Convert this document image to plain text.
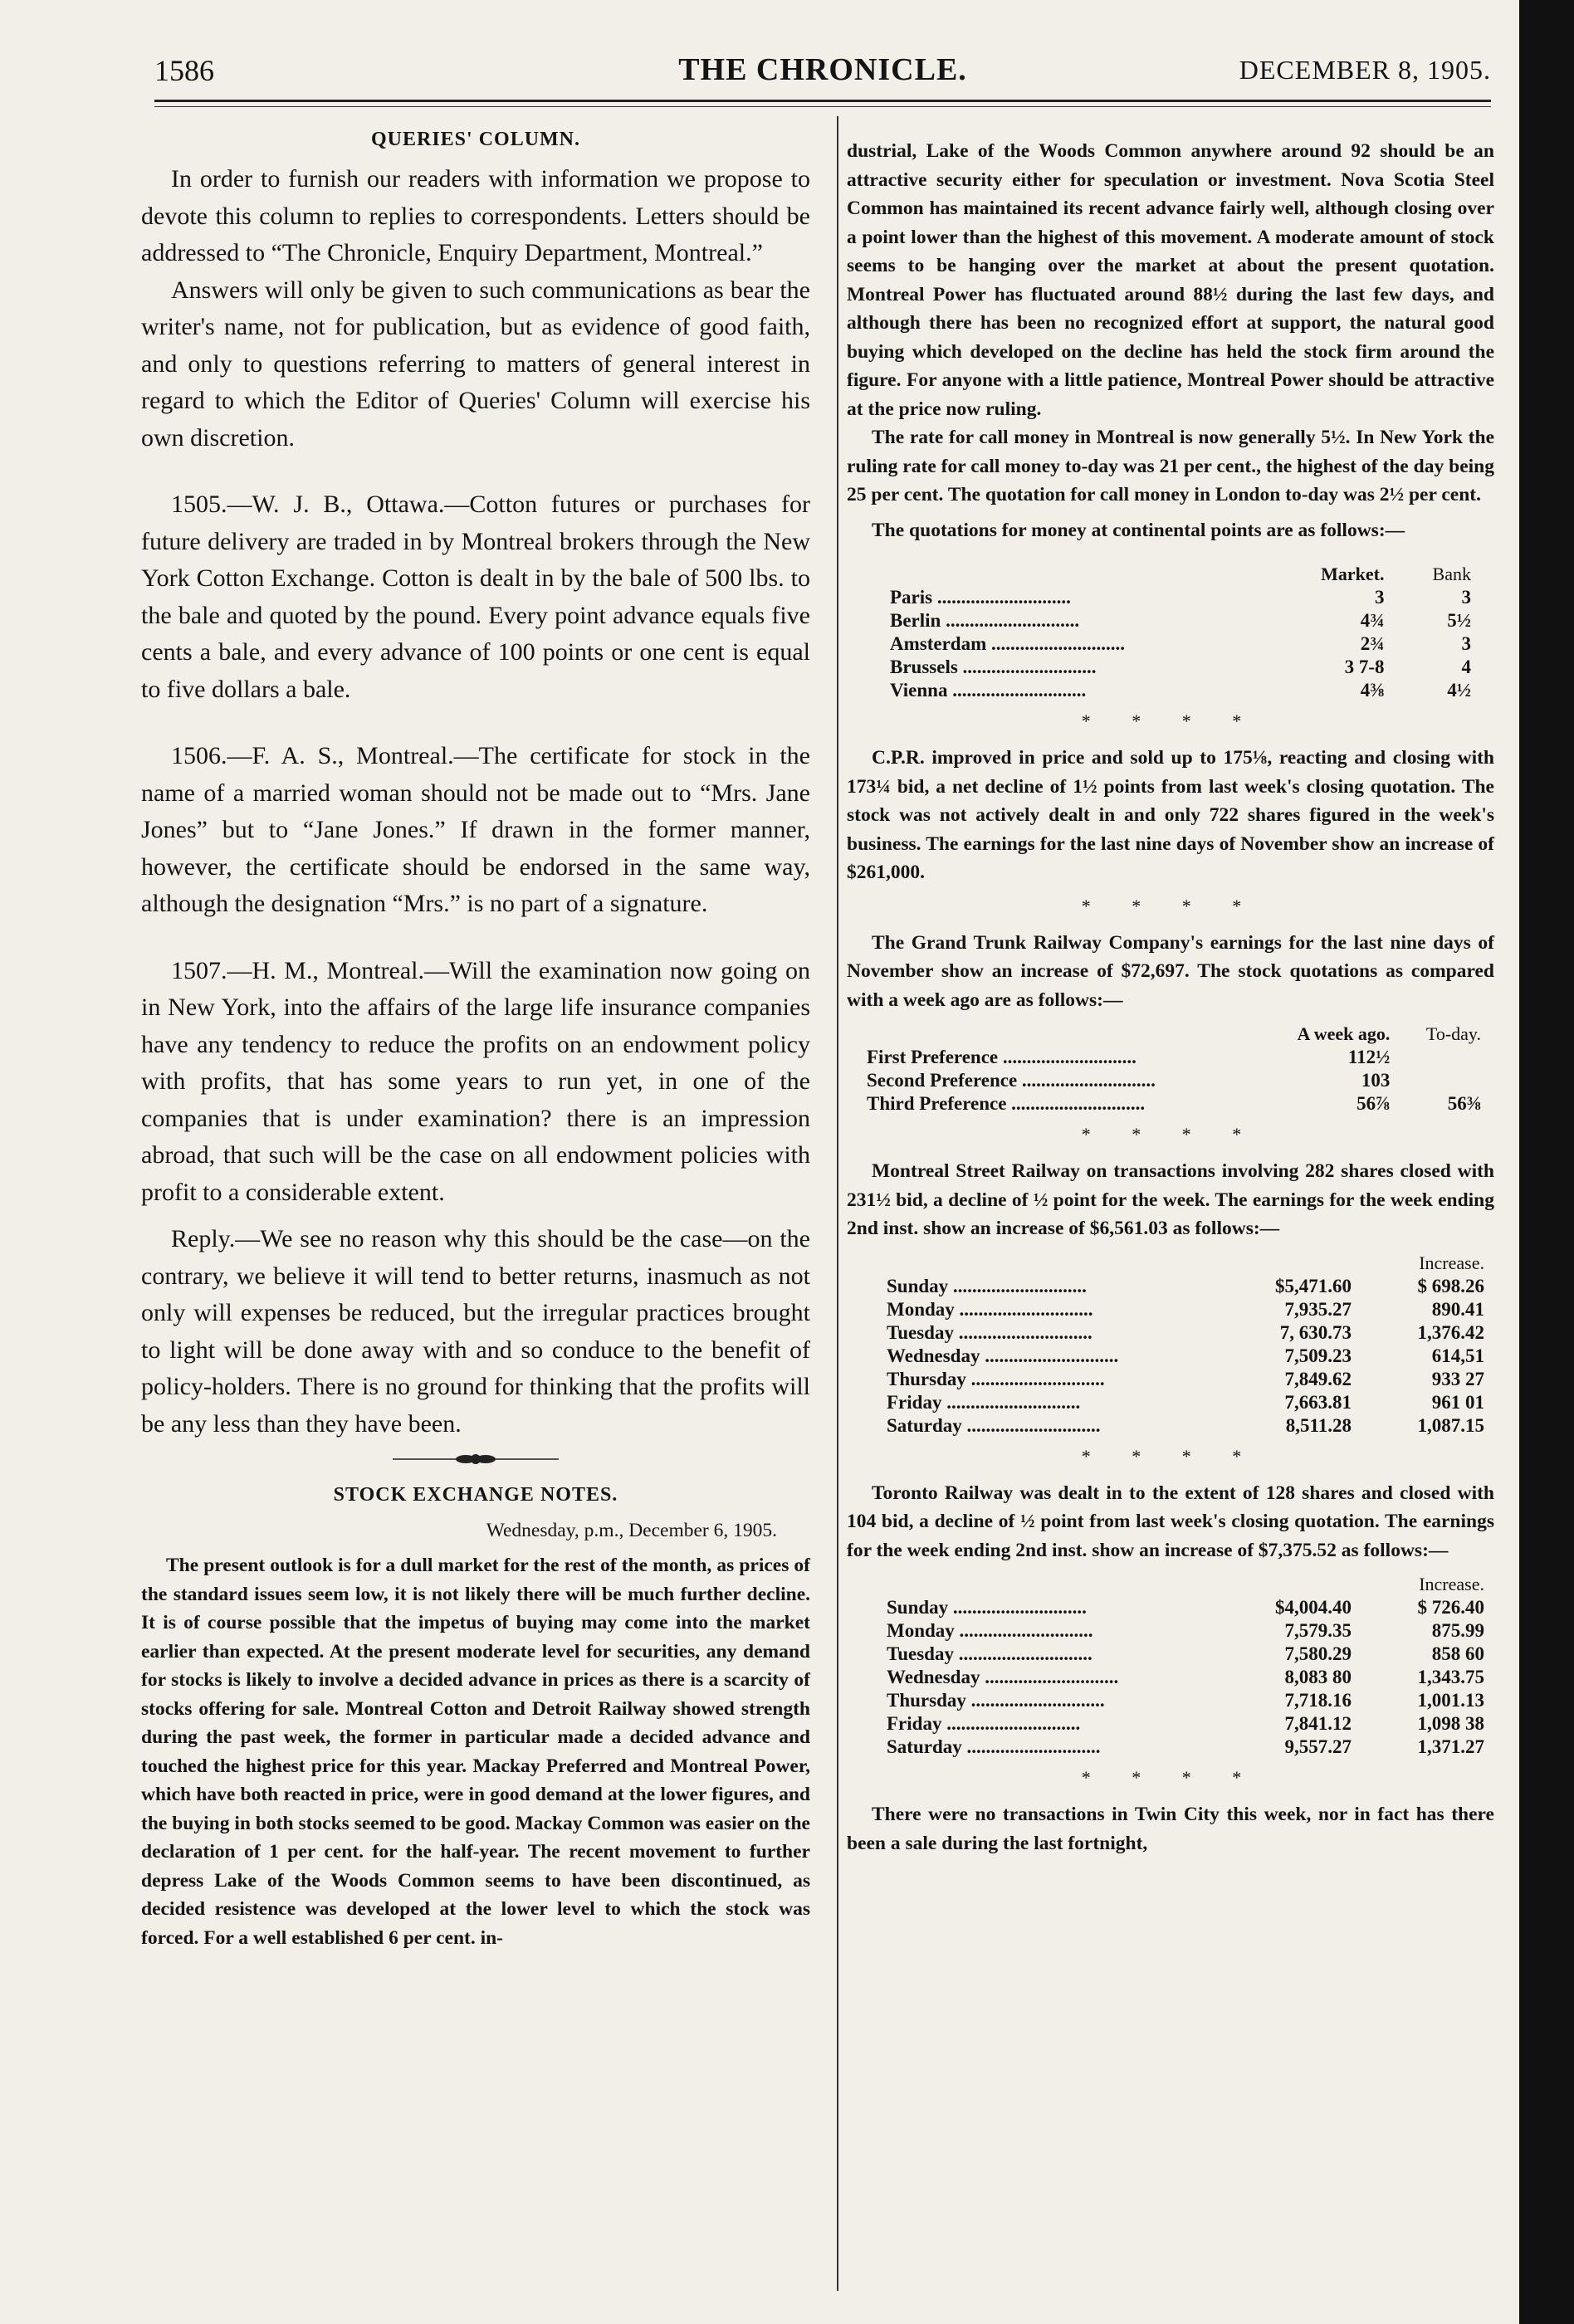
1586	THE CHRONICLE.	DECEMBER 8, 1905.
QUERIES' COLUMN.

In order to furnish our readers with information we propose to devote this column to replies to correspondents. Letters should be addressed to “The Chronicle, Enquiry Department, Montreal.”

Answers will only be given to such communications as bear the writer's name, not for publication, but as evidence of good faith, and only to questions referring to matters of general interest in regard to which the Editor of Queries' Column will exercise his own discretion.

1505.—W. J. B., Ottawa.—Cotton futures or purchases for future delivery are traded in by Montreal brokers through the New York Cotton Exchange. Cotton is dealt in by the bale of 500 lbs. to the bale and quoted by the pound. Every point advance equals five cents a bale, and every advance of 100 points or one cent is equal to five dollars a bale.

1506.—F. A. S., Montreal.—The certificate for stock in the name of a married woman should not be made out to “Mrs. Jane Jones” but to “Jane Jones.” If drawn in the former manner, however, the certificate should be endorsed in the same way, although the designation “Mrs.” is no part of a signature.

1507.—H. M., Montreal.—Will the examination now going on in New York, into the affairs of the large life insurance companies have any tendency to reduce the profits on an endowment policy with profits, that has some years to run yet, in one of the companies that is under examination? there is an impression abroad, that such will be the case on all endowment policies with profit to a considerable extent.

Reply.—We see no reason why this should be the case—on the contrary, we believe it will tend to better returns, inasmuch as not only will expenses be reduced, but the irregular practices brought to light will be done away with and so conduce to the benefit of policy-holders. There is no ground for thinking that the profits will be any less than they have been.

STOCK EXCHANGE NOTES.
Wednesday, p.m., December 6, 1905.

The present outlook is for a dull market for the rest of the month, as prices of the standard issues seem low, it is not likely there will be much further decline. It is of course possible that the impetus of buying may come into the market earlier than expected. At the present moderate level for securities, any demand for stocks is likely to involve a decided advance in prices as there is a scarcity of stocks offering for sale. Montreal Cotton and Detroit Railway showed strength during the past week, the former in particular made a decided advance and touched the highest price for this year. Mackay Preferred and Montreal Power, which have both reacted in price, were in good demand at the lower figures, and the buying in both stocks seemed to be good. Mackay Common was easier on the declaration of 1 per cent. for the half-year. The recent movement to further depress Lake of the Woods Common seems to have been discontinued, as decided resistence was developed at the lower level to which the stock was forced. For a well established 6 per cent. in-

dustrial, Lake of the Woods Common anywhere around 92 should be an attractive security either for speculation or investment. Nova Scotia Steel Common has maintained its recent advance fairly well, although closing over a point lower than the highest of this movement. A moderate amount of stock seems to be hanging over the market at about the present quotation. Montreal Power has fluctuated around 88½ during the last few days, and although there has been no recognized effort at support, the natural good buying which developed on the decline has held the stock firm around the figure. For anyone with a little patience, Montreal Power should be attractive at the price now ruling.

The rate for call money in Montreal is now generally 5½. In New York the ruling rate for call money to-day was 21 per cent., the highest of the day being 25 per cent. The quotation for call money in London to-day was 2½ per cent.

The quotations for money at continental points are as follows:—

	Market.	Bank
Paris ............................	3	3
Berlin ............................	4¾	5½
Amsterdam ............................	2¾	3
Brussels ............................	3 7-8	4
Vienna ............................	4⅜	4½
* * * *

C.P.R. improved in price and sold up to 175⅛, reacting and closing with 173¼ bid, a net decline of 1½ points from last week's closing quotation. The stock was not actively dealt in and only 722 shares figured in the week's business. The earnings for the last nine days of November show an increase of $261,000.

* * * *

The Grand Trunk Railway Company's earnings for the last nine days of November show an increase of $72,697. The stock quotations as compared with a week ago are as follows:—

	A week ago.	To-day.
First Preference ............................	112½	
Second Preference ............................	103	
Third Preference ............................	56⅞	56⅜
* * * *

Montreal Street Railway on transactions involving 282 shares closed with 231½ bid, a decline of ½ point for the week. The earnings for the week ending 2nd inst. show an increase of $6,561.03 as follows:—

		Increase.
Sunday ............................	$5,471.60	$ 698.26
Monday ............................	7,935.27	890.41
Tuesday ............................	7, 630.73	1,376.42
Wednesday ............................	7,509.23	614,51
Thursday ............................	7,849.62	933 27
Friday ............................	7,663.81	961 01
Saturday ............................	8,511.28	1,087.15
* * * *

Toronto Railway was dealt in to the extent of 128 shares and closed with 104 bid, a decline of ½ point from last week's closing quotation. The earnings for the week ending 2nd inst. show an increase of $7,375.52 as follows:—

		Increase.
Sunday ............................	$4,004.40	$ 726.40
Monday ............................	7,579.35	875.99
Tuesday ............................	7,580.29	858 60
Wednesday ............................	8,083 80	1,343.75
Thursday ............................	7,718.16	1,001.13
Friday ............................	7,841.12	1,098 38
Saturday ............................	9,557.27	1,371.27
* * * *

There were no transactions in Twin City this week, nor in fact has there been a sale during the last fortnight,
